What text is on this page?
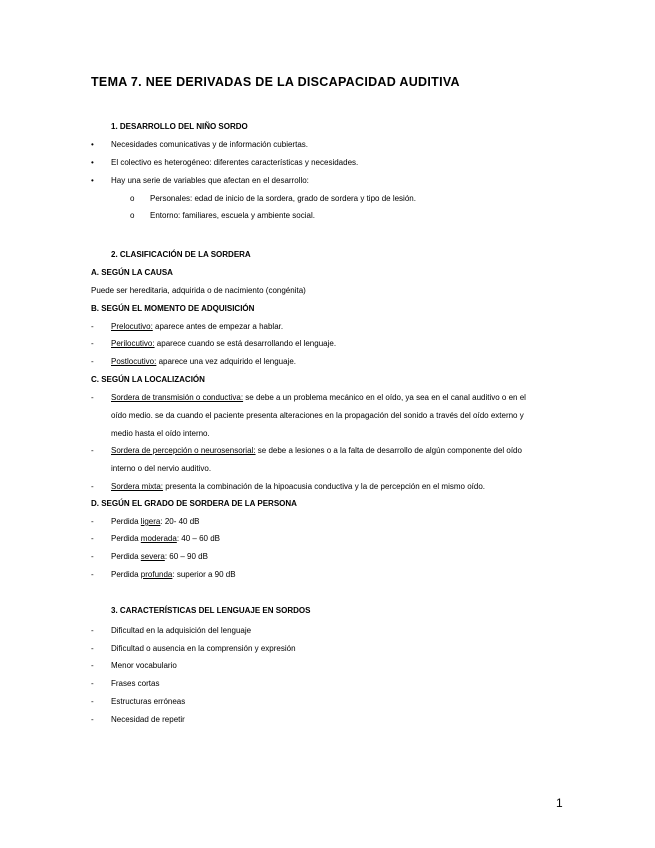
TEMA 7. NEE DERIVADAS DE LA DISCAPACIDAD AUDITIVA
1. DESARROLLO DEL NIÑO SORDO
• Necesidades comunicativas y de información cubiertas.
• El colectivo es heterogéneo: diferentes características y necesidades.
• Hay una serie de variables que afectan en el desarrollo:
o Personales: edad de inicio de la sordera, grado de sordera y tipo de lesión.
o Entorno: familiares, escuela y ambiente social.
2. CLASIFICACIÓN DE LA SORDERA
A. SEGÚN LA CAUSA
Puede ser hereditaria, adquirida o de nacimiento (congénita)
B. SEGÚN EL MOMENTO DE ADQUISICIÓN
- Prelocutivo: aparece antes de empezar a hablar.
- Perilocutivo: aparece cuando se está desarrollando el lenguaje.
- Postlocutivo: aparece una vez adquirido el lenguaje.
C. SEGÚN LA LOCALIZACIÓN
- Sordera de transmisión o conductiva: se debe a un problema mecánico en el oído, ya sea en el canal auditivo o en el
oído medio. se da cuando el paciente presenta alteraciones en la propagación del sonido a través del oído externo y
medio hasta el oído interno.
- Sordera de percepción o neurosensorial: se debe a lesiones o a la falta de desarrollo de algún componente del oído
interno o del nervio auditivo.
- Sordera mixta: presenta la combinación de la hipoacusia conductiva y la de percepción en el mismo oído.
D. SEGÚN EL GRADO DE SORDERA DE LA PERSONA
- Perdida ligera: 20- 40 dB
- Perdida moderada: 40 – 60 dB
- Perdida severa: 60 – 90 dB
- Perdida profunda: superior a 90 dB
3. CARACTERÍSTICAS DEL LENGUAJE EN SORDOS
- Dificultad en la adquisición del lenguaje
- Dificultad o ausencia en la comprensión y expresión
- Menor vocabulario
- Frases cortas
- Estructuras erróneas
- Necesidad de repetir
1
